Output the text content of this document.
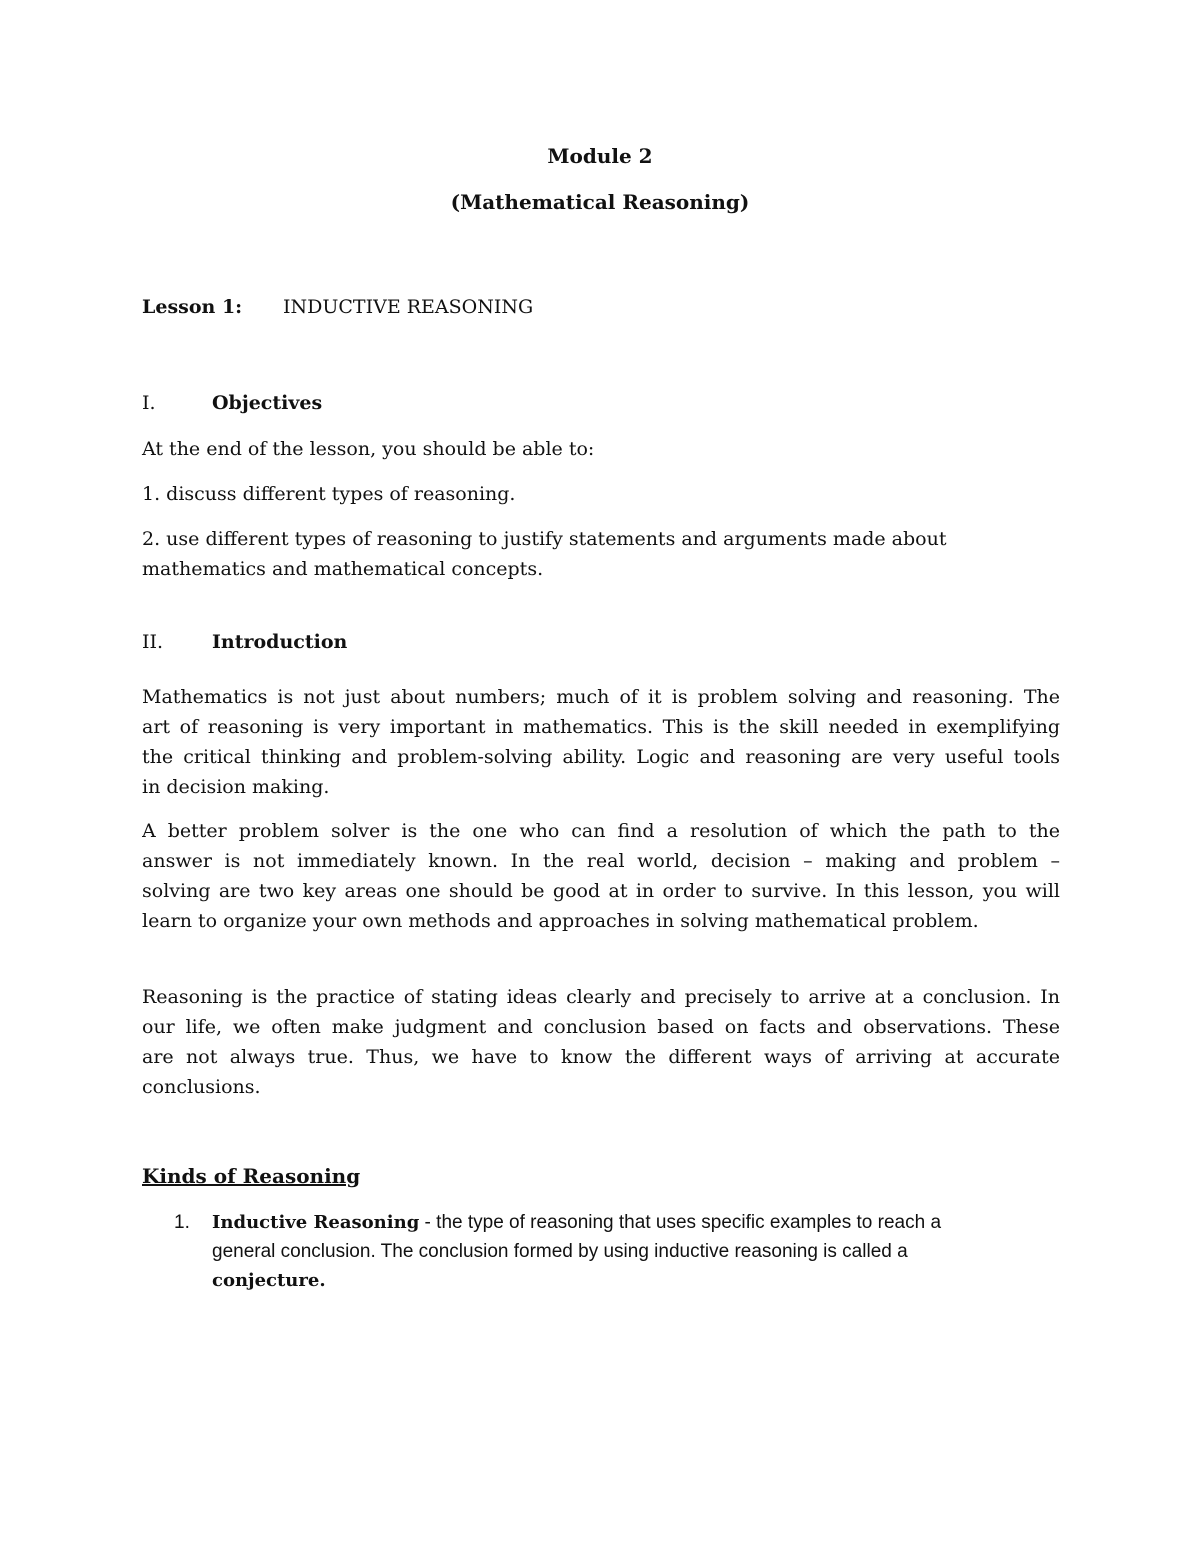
Module 2
(Mathematical Reasoning)
Lesson 1: INDUCTIVE REASONING
I.	Objectives
At the end of the lesson, you should be able to:
1. discuss different types of reasoning.
2. use different types of reasoning to justify statements and arguments made about
mathematics and mathematical concepts.
II.	Introduction
Mathematics is not just about numbers; much of it is problem solving and reasoning. The
art of reasoning is very important in mathematics. This is the skill needed in exemplifying
the critical thinking and problem-solving ability. Logic and reasoning are very useful tools
in decision making.
A better problem solver is the one who can find a resolution of which the path to the
answer is not immediately known. In the real world, decision – making and problem –
solving are two key areas one should be good at in order to survive. In this lesson, you will
learn to organize your own methods and approaches in solving mathematical problem.
Reasoning is the practice of stating ideas clearly and precisely to arrive at a conclusion. In
our life, we often make judgment and conclusion based on facts and observations. These
are not always true. Thus, we have to know the different ways of arriving at accurate
conclusions.
Kinds of Reasoning
1. Inductive Reasoning - the type of reasoning that uses specific examples to reach a
general conclusion. The conclusion formed by using inductive reasoning is called a
conjecture.
